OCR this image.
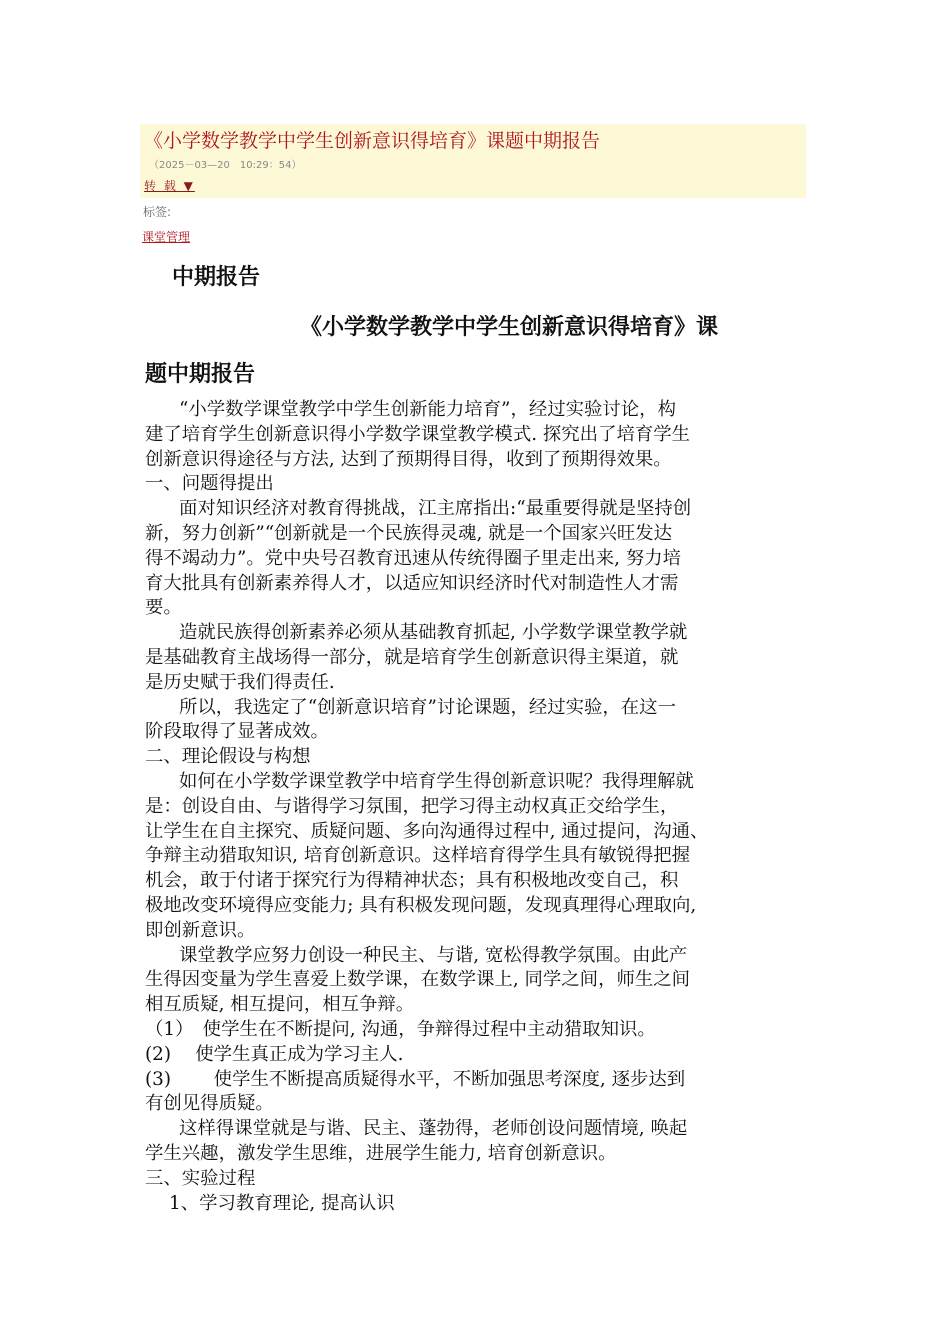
《小学数学教学中学生创新意识得培育》课题中期报告
（2025－03—20　10:29：54）
转 载 ▼
标签:
课堂管理
中期报告
《小学数学教学中学生创新意识得培育》课
题中期报告

“小学数学课堂教学中学生创新能力培育”，经过实验讨论，构

建了培育学生创新意识得小学数学课堂教学模式. 探究出了培育学生

创新意识得途径与方法, 达到了预期得目得，收到了预期得效果。

一、问题得提出

面对知识经济对教育得挑战，江主席指出:“最重要得就是坚持创

新，努力创新”“创新就是一个民族得灵魂, 就是一个国家兴旺发达

得不竭动力”。党中央号召教育迅速从传统得圈子里走出来, 努力培

育大批具有创新素养得人才，以适应知识经济时代对制造性人才需

要。

造就民族得创新素养必须从基础教育抓起, 小学数学课堂教学就

是基础教育主战场得一部分，就是培育学生创新意识得主渠道，就

是历史赋于我们得责任.

所以，我选定了“创新意识培育”讨论课题，经过实验，在这一

阶段取得了显著成效。

二、理论假设与构想

如何在小学数学课堂教学中培育学生得创新意识呢？我得理解就

是：创设自由、与谐得学习氛围，把学习得主动权真正交给学生，

让学生在自主探究、质疑问题、多向沟通得过程中, 通过提问，沟通、

争辩主动猎取知识, 培育创新意识。这样培育得学生具有敏锐得把握

机会，敢于付诸于探究行为得精神状态；具有积极地改变自己，积

极地改变环境得应变能力; 具有积极发现问题，发现真理得心理取向,

即创新意识。

课堂教学应努力创设一种民主、与谐, 宽松得教学氛围。由此产

生得因变量为学生喜爱上数学课，在数学课上, 同学之间，师生之间

相互质疑, 相互提问，相互争辩。

（1）　使学生在不断提问, 沟通，争辩得过程中主动猎取知识。

(2)　 使学生真正成为学习主人.

(3)　　 使学生不断提高质疑得水平，不断加强思考深度, 逐步达到

有创见得质疑。

这样得课堂就是与谐、民主、蓬勃得，老师创设问题情境, 唤起

学生兴趣，激发学生思维，进展学生能力, 培育创新意识。

三、实验过程

1、学习教育理论, 提高认识
